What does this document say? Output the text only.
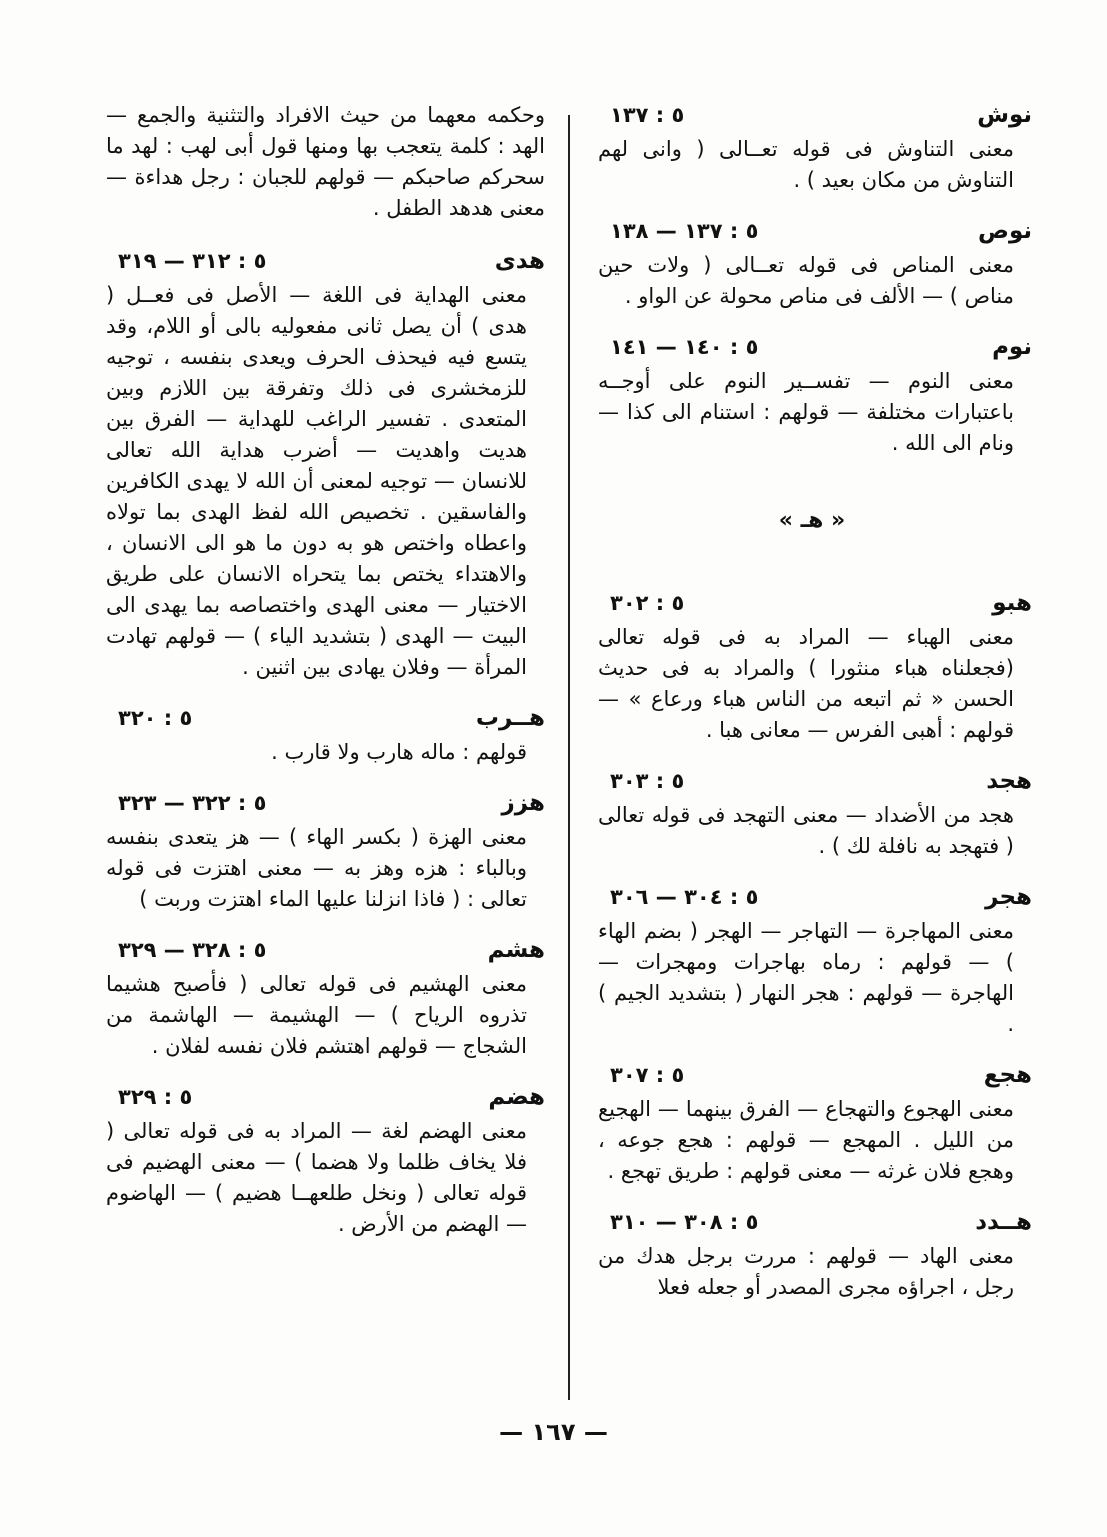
نوش
٥ : ١٣٧
معنى التناوش فى قوله تعــالى ( وانى لهم التناوش من مكان بعيد ) .
نوص
٥ : ١٣٧ — ١٣٨
معنى المناص فى قوله تعــالى ( ولات حين مناص ) — الألف فى مناص محولة عن الواو .
نوم
٥ : ١٤٠ — ١٤١
معنى النوم — تفســير النوم على أوجــه باعتبارات مختلفة — قولهم : استنام الى كذا — ونام الى الله .
« هـ »
هبو
٥ : ٣٠٢
معنى الهباء — المراد به فى قوله تعالى (فجعلناه هباء منثورا ) والمراد به فى حديث الحسن « ثم اتبعه من الناس هباء ورعاع » — قولهم : أهبى الفرس — معانى هبا .
هجد
٥ : ٣٠٣
هجد من الأضداد — معنى التهجد فى قوله تعالى ( فتهجد به نافلة لك ) .
هجر
٥ : ٣٠٤ — ٣٠٦
معنى المهاجرة — التهاجر — الهجر ( بضم الهاء ) — قولهم : رماه بهاجرات ومهجرات — الهاجرة — قولهم : هجر النهار ( بتشديد الجيم ) .
هجع
٥ : ٣٠٧
معنى الهجوع والتهجاع — الفرق بينهما — الهجيع من الليل . المهجع — قولهم : هجع جوعه ، وهجع فلان غرثه — معنى قولهم : طريق تهجع .
هــدد
٥ : ٣٠٨ — ٣١٠
معنى الهاد — قولهم : مررت برجل هدك من رجل ، اجراؤه مجرى المصدر أو جعله فعلا
وحكمه معهما من حيث الافراد والتثنية والجمع — الهد : كلمة يتعجب بها ومنها قول أبى لهب : لهد ما سحركم صاحبكم — قولهم للجبان : رجل هداءة — معنى هدهد الطفل .
هدى
٥ : ٣١٢ — ٣١٩
معنى الهداية فى اللغة — الأصل فى فعــل ( هدى ) أن يصل ثانى مفعوليه بالى أو اللام، وقد يتسع فيه فيحذف الحرف ويعدى بنفسه ، توجيه للزمخشرى فى ذلك وتفرقة بين اللازم وبين المتعدى . تفسير الراغب للهداية — الفرق بين هديت واهديت — أضرب هداية الله تعالى للانسان — توجيه لمعنى أن الله لا يهدى الكافرين والفاسقين . تخصيص الله لفظ الهدى بما تولاه واعطاه واختص هو به دون ما هو الى الانسان ، والاهتداء يختص بما يتحراه الانسان على طريق الاختيار — معنى الهدى واختصاصه بما يهدى الى البيت — الهدى ( بتشديد الياء ) — قولهم تهادت المرأة — وفلان يهادى بين اثنين .
هــرب
٥ : ٣٢٠
قولهم : ماله هارب ولا قارب .
هزز
٥ : ٣٢٢ — ٣٢٣
معنى الهزة ( بكسر الهاء ) — هز يتعدى بنفسه وبالباء : هزه وهز به — معنى اهتزت فى قوله تعالى : ( فاذا انزلنا عليها الماء اهتزت وربت )
هشم
٥ : ٣٢٨ — ٣٢٩
معنى الهشيم فى قوله تعالى ( فأصبح هشيما تذروه الرياح ) — الهشيمة — الهاشمة من الشجاج — قولهم اهتشم فلان نفسه لفلان .
هضم
٥ : ٣٢٩
معنى الهضم لغة — المراد به فى قوله تعالى ( فلا يخاف ظلما ولا هضما ) — معنى الهضيم فى قوله تعالى ( ونخل طلعهــا هضيم ) — الهاضوم — الهضم من الأرض .
— ١٦٧ —
